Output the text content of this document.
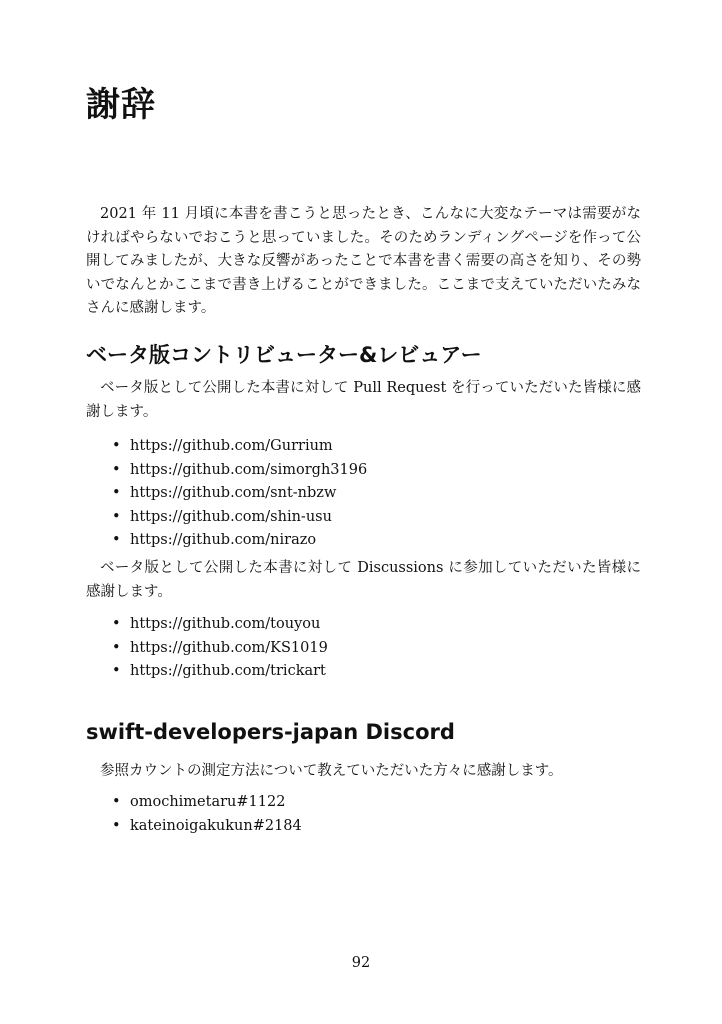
謝辞

2021 年 11 月頃に本書を書こうと思ったとき、こんなに大変なテーマは需要がなければやらないでおこうと思っていました。そのためランディングページを作って公開してみましたが、大きな反響があったことで本書を書く需要の高さを知り、その勢いでなんとかここまで書き上げることができました。ここまで支えていただいたみなさんに感謝します。

ベータ版コントリビューター&レビュアー

ベータ版として公開した本書に対して Pull Request を行っていただいた皆様に感謝します。

• https://github.com/Gurrium
• https://github.com/simorgh3196
• https://github.com/snt-nbzw
• https://github.com/shin-usu
• https://github.com/nirazo

ベータ版として公開した本書に対して Discussions に参加していただいた皆様に感謝します。

• https://github.com/touyou
• https://github.com/KS1019
• https://github.com/trickart
swift-developers-japan Discord

参照カウントの測定方法について教えていただいた方々に感謝します。

• omochimetaru#1122
• kateinoigakukun#2184
92
